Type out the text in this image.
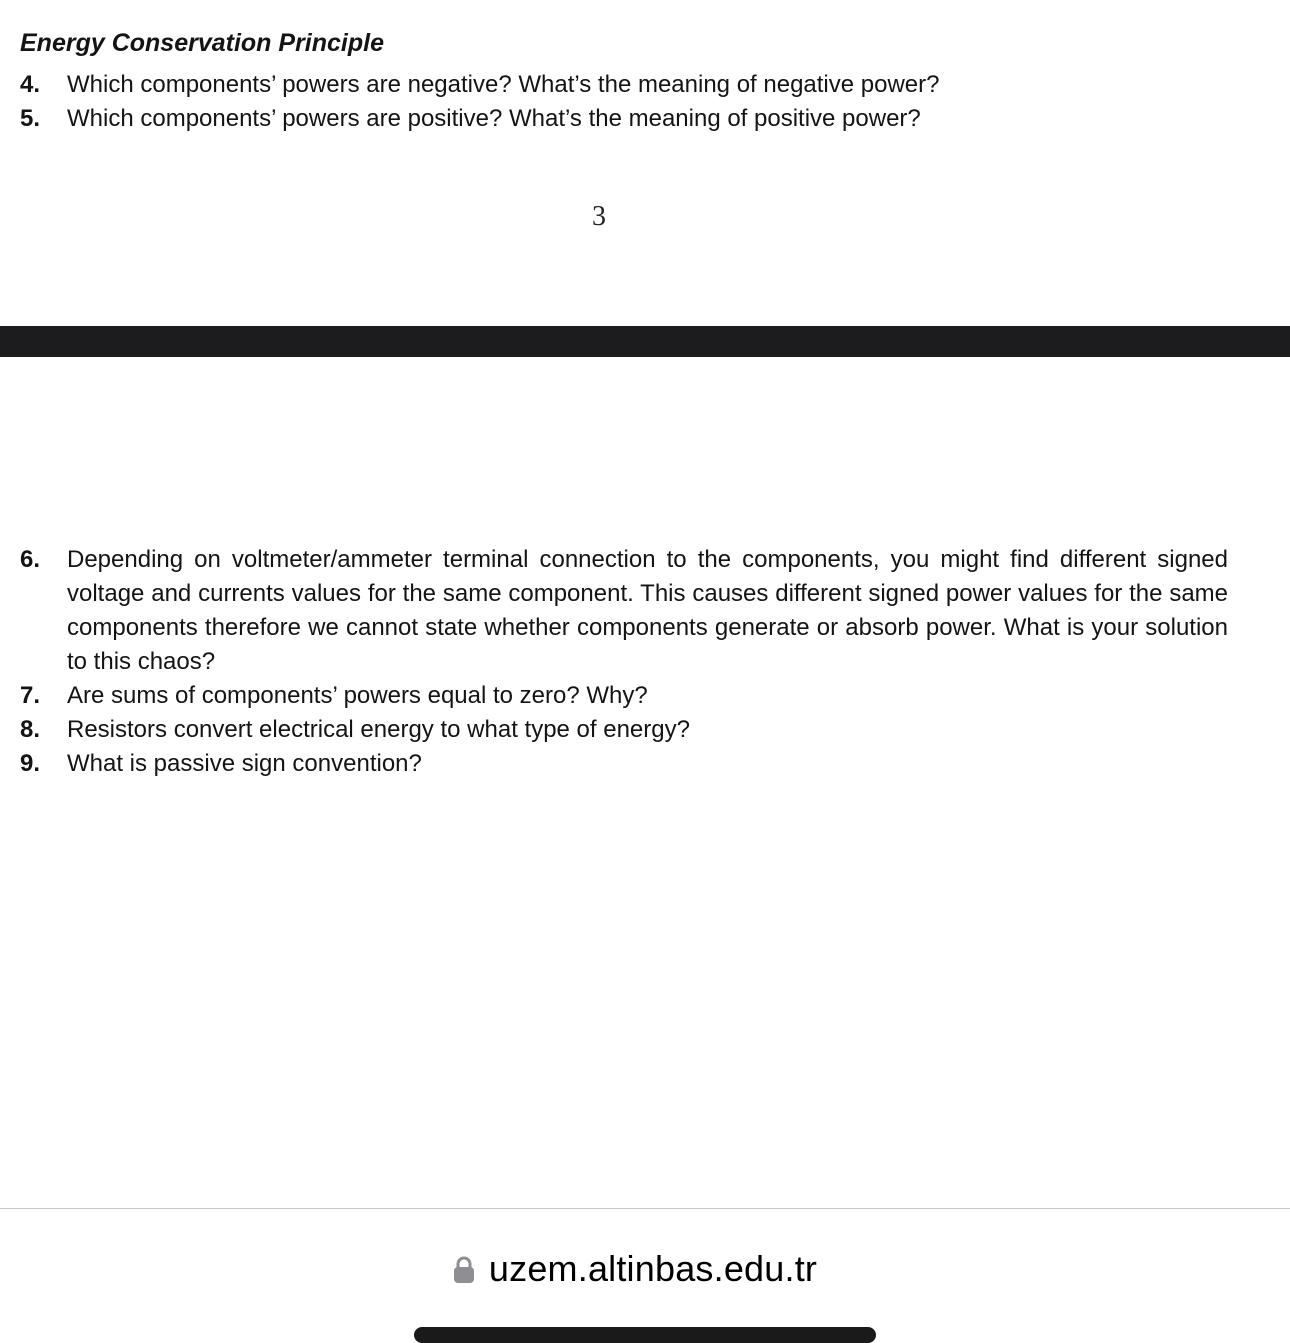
Energy Conservation Principle
4.	Which components’ powers are negative? What’s the meaning of negative power?
5.	Which components’ powers are positive? What’s the meaning of positive power?
3
6.	Depending on voltmeter/ammeter terminal connection to the components, you might find different signed voltage and currents values for the same component. This causes different signed power values for the same components therefore we cannot state whether components generate or absorb power. What is your solution to this chaos?
7.	Are sums of components’ powers equal to zero? Why?
8.	Resistors convert electrical energy to what type of energy?
9.	What is passive sign convention?
uzem.altinbas.edu.tr
